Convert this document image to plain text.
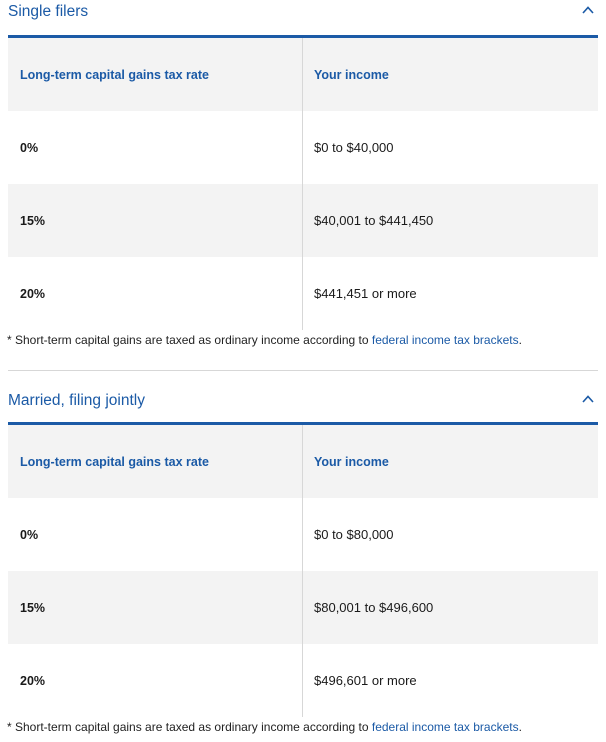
Single filers
Long-term capital gains tax rate	Your income
0%	$0 to $40,000
15%	$40,001 to $441,450
20%	$441,451 or more
* Short-term capital gains are taxed as ordinary income according to federal income tax brackets.
Married, filing jointly
Long-term capital gains tax rate	Your income
0%	$0 to $80,000
15%	$80,001 to $496,600
20%	$496,601 or more
* Short-term capital gains are taxed as ordinary income according to federal income tax brackets.
